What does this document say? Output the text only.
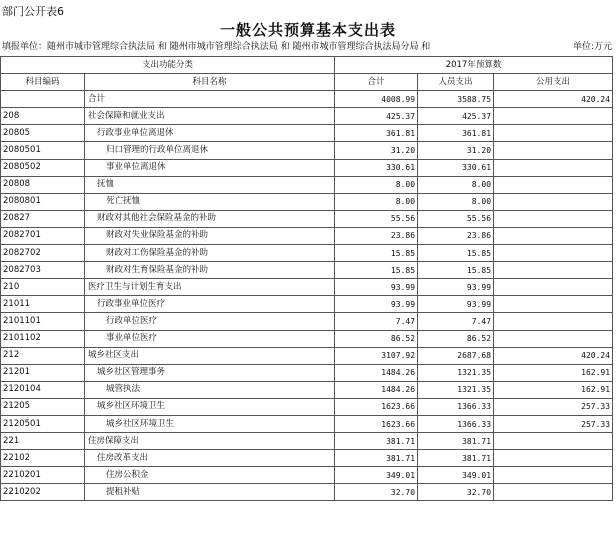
部门公开表6
一般公共预算基本支出表
填报单位：随州市城市管理综合执法局 和 随州市城市管理综合执法局 和 随州市城市管理综合执法局分局 和	单位:万元
支出功能分类		2017年预算数		
科目编码	科目名称	合计	人员支出	公用支出
	合计	4008.99	3588.75	420.24
208	社会保障和就业支出	425.37	425.37	
20805	行政事业单位离退休	361.81	361.81	
2080501	归口管理的行政单位离退休	31.20	31.20	
2080502	事业单位离退休	330.61	330.61	
20808	抚恤	8.00	8.00	
2080801	死亡抚恤	8.00	8.00	
20827	财政对其他社会保险基金的补助	55.56	55.56	
2082701	财政对失业保险基金的补助	23.86	23.86	
2082702	财政对工伤保险基金的补助	15.85	15.85	
2082703	财政对生育保险基金的补助	15.85	15.85	
210	医疗卫生与计划生育支出	93.99	93.99	
21011	行政事业单位医疗	93.99	93.99	
2101101	行政单位医疗	7.47	7.47	
2101102	事业单位医疗	86.52	86.52	
212	城乡社区支出	3107.92	2687.68	420.24
21201	城乡社区管理事务	1484.26	1321.35	162.91
2120104	城管执法	1484.26	1321.35	162.91
21205	城乡社区环境卫生	1623.66	1366.33	257.33
2120501	城乡社区环境卫生	1623.66	1366.33	257.33
221	住房保障支出	381.71	381.71	
22102	住房改革支出	381.71	381.71	
2210201	住房公积金	349.01	349.01	
2210202	提租补贴	32.70	32.70	
